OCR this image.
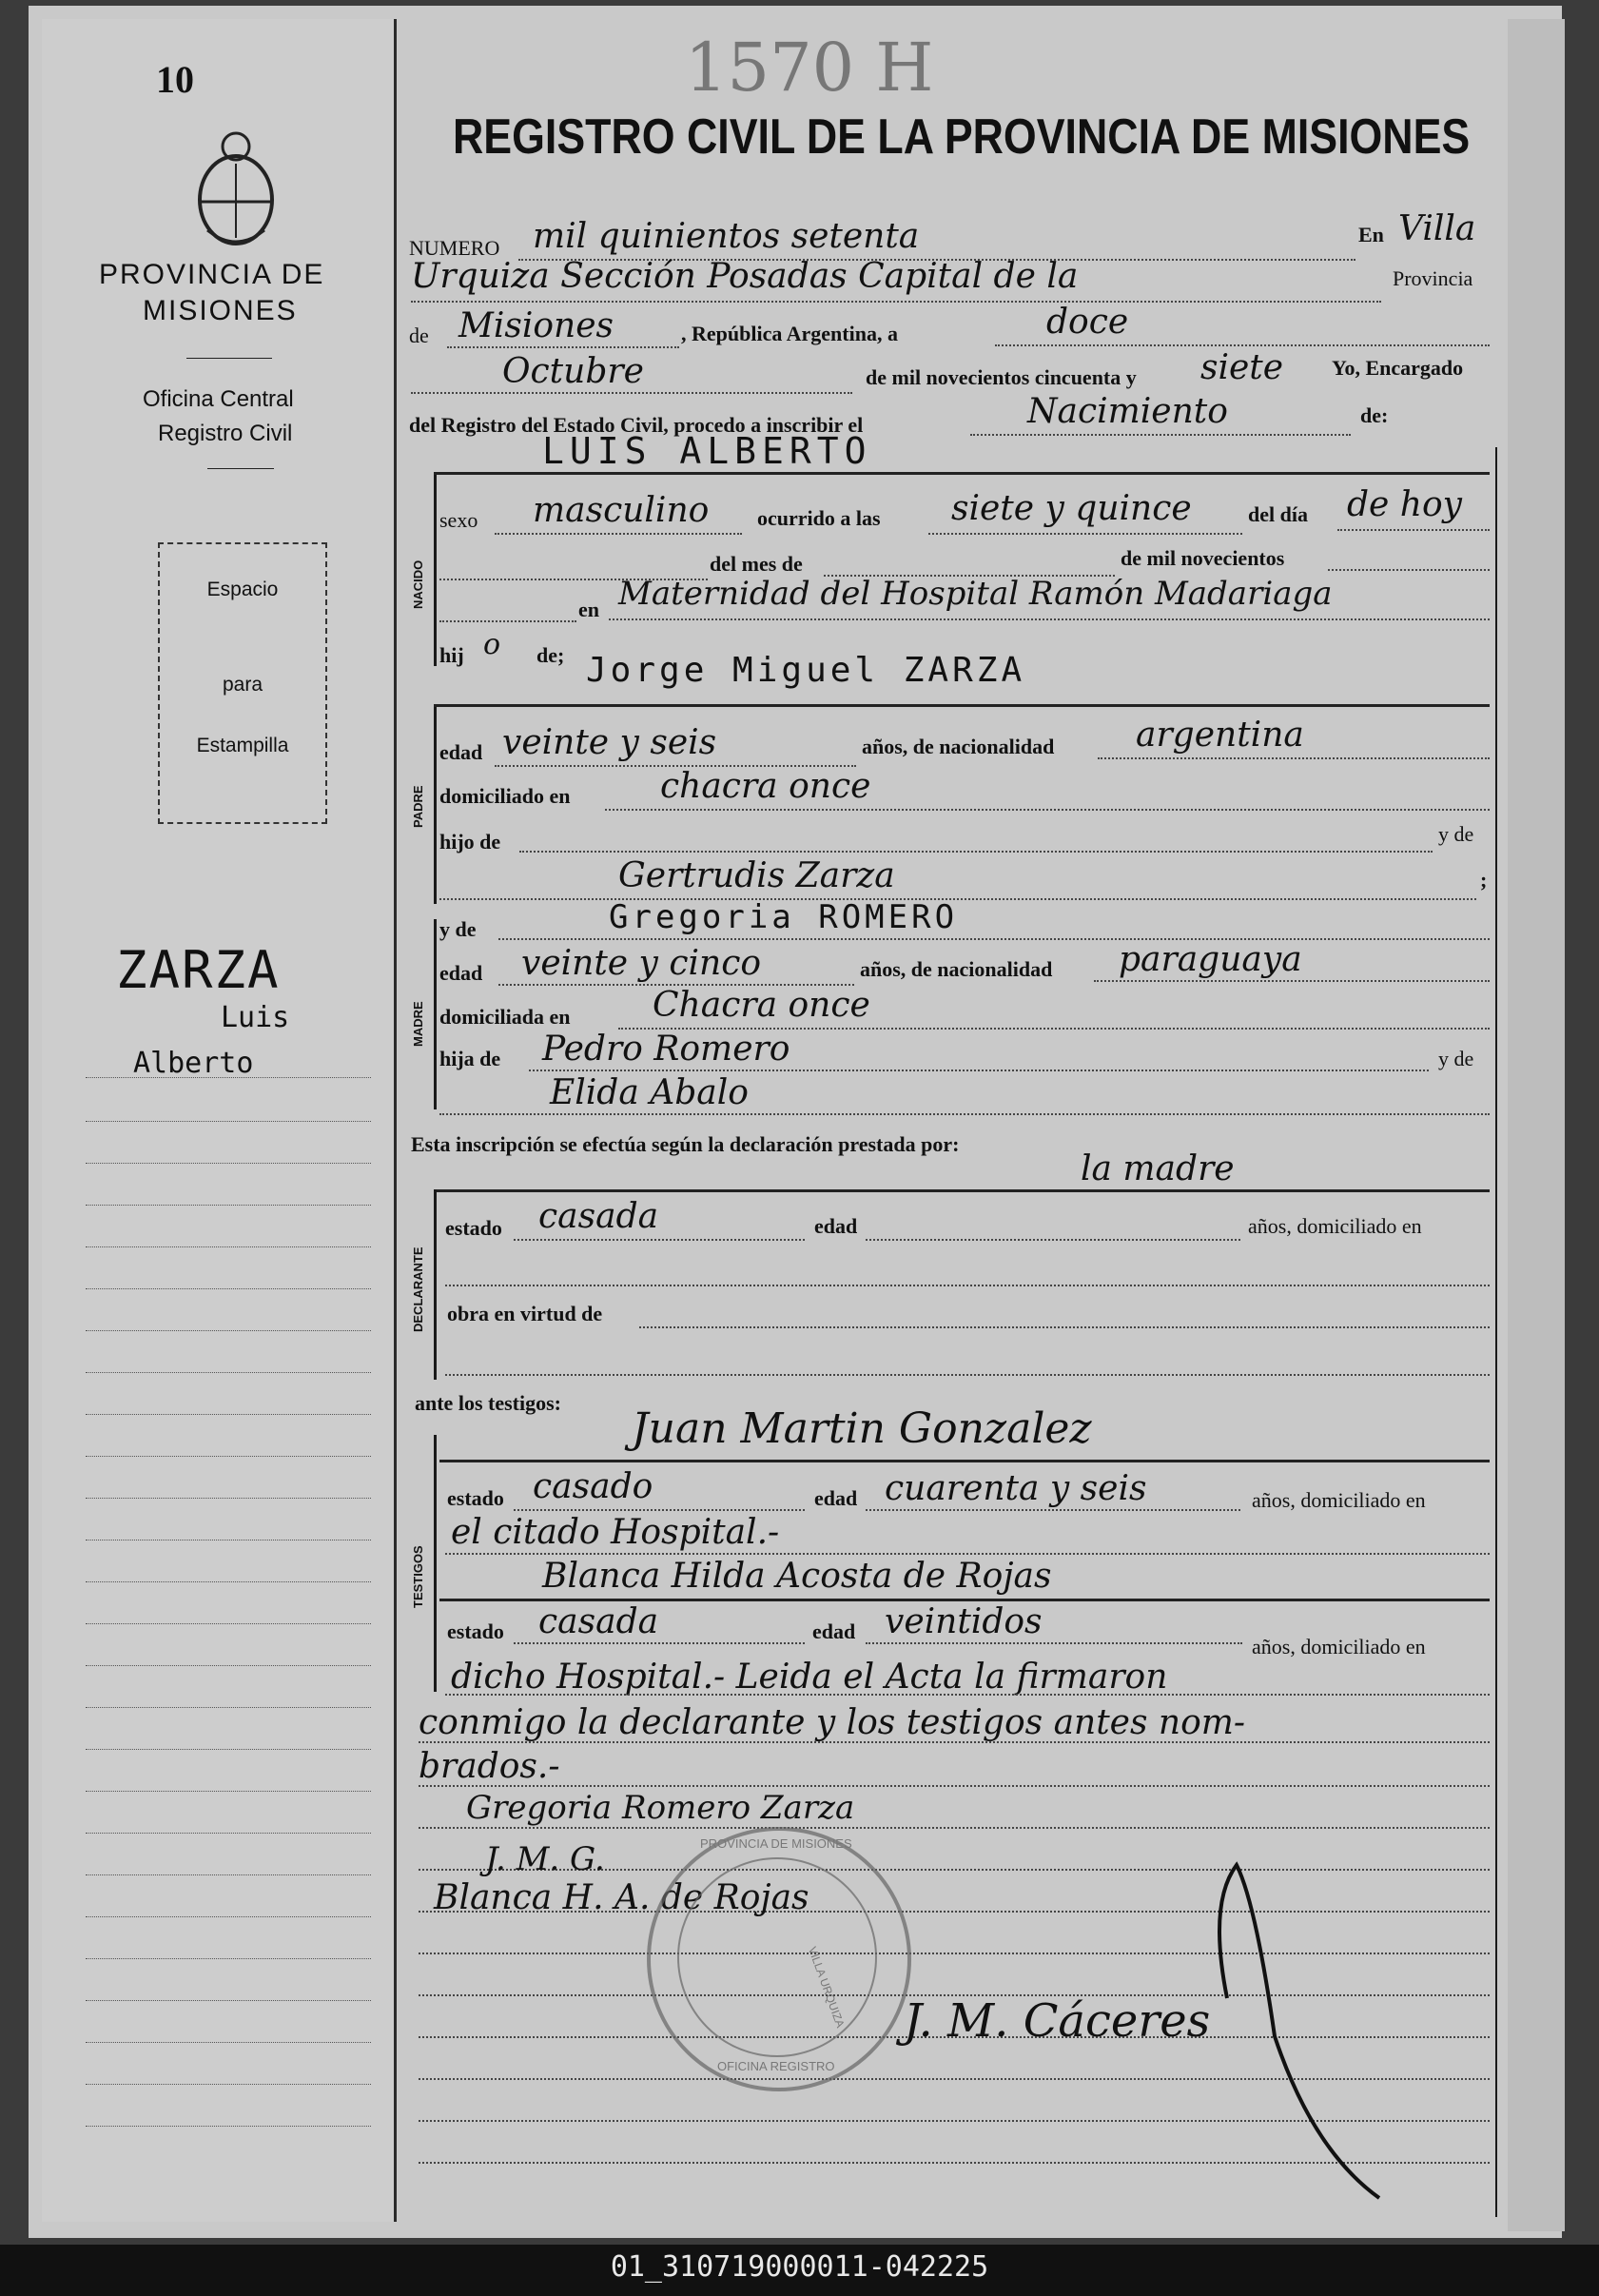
10
PROVINCIA DE
MISIONES
Oficina Central
Registro Civil
Espacio
para
Estampilla
ZARZA
Luis
Alberto
1570 H
REGISTRO CIVIL DE LA PROVINCIA DE MISIONES
NUMERO mil quinientos setenta	En Villa
Urquiza Sección Posadas Capital de la	Provincia
de Misiones	, República Argentina, a	doce
Octubre	de mil novecientos cincuenta y siete Yo, Encargado
del Registro del Estado Civil, procedo a inscribir el	Nacimiento	de:
NACIDO
LUIS ALBERTO
sexo masculino ocurrido a las siete y quince	del día de hoy
del mes de	de mil novecientos
en Maternidad del Hospital Ramón Madariaga
hij o de;
PADRE
Jorge Miguel ZARZA
edad veinte y seis	años, de nacionalidad argentina
domiciliado en	chacra once
hijo de	y de
Gertrudis Zarza	;
y de	Gregoria ROMERO
MADRE
edad veinte y cinco	años, de nacionalidad paraguaya
domiciliada en Chacra once
hija de Pedro Romero	y de
Elida Abalo
Esta inscripción se efectúa según la declaración prestada por:
la madre
DECLARANTE
estado casada	edad	años, domiciliado en
obra en virtud de
ante los testigos:
Juan Martin Gonzalez
TESTIGOS
estado casado	edad cuarenta y seis	años, domiciliado en
el citado Hospital.-
Blanca Hilda Acosta de Rojas
estado casada	edad veintidos
años, domiciliado en
dicho Hospital.- Leida el Acta la firmaron
conmigo la declarante y los testigos antes nom-
brados.-
Gregoria Romero Zarza
J. M. G.
Blanca H. A. de Rojas
J. M. Cáceres
PROVINCIA DE MISIONES
OFICINA REGISTRO
VILLA URQUIZA
01_310719000011-042225
